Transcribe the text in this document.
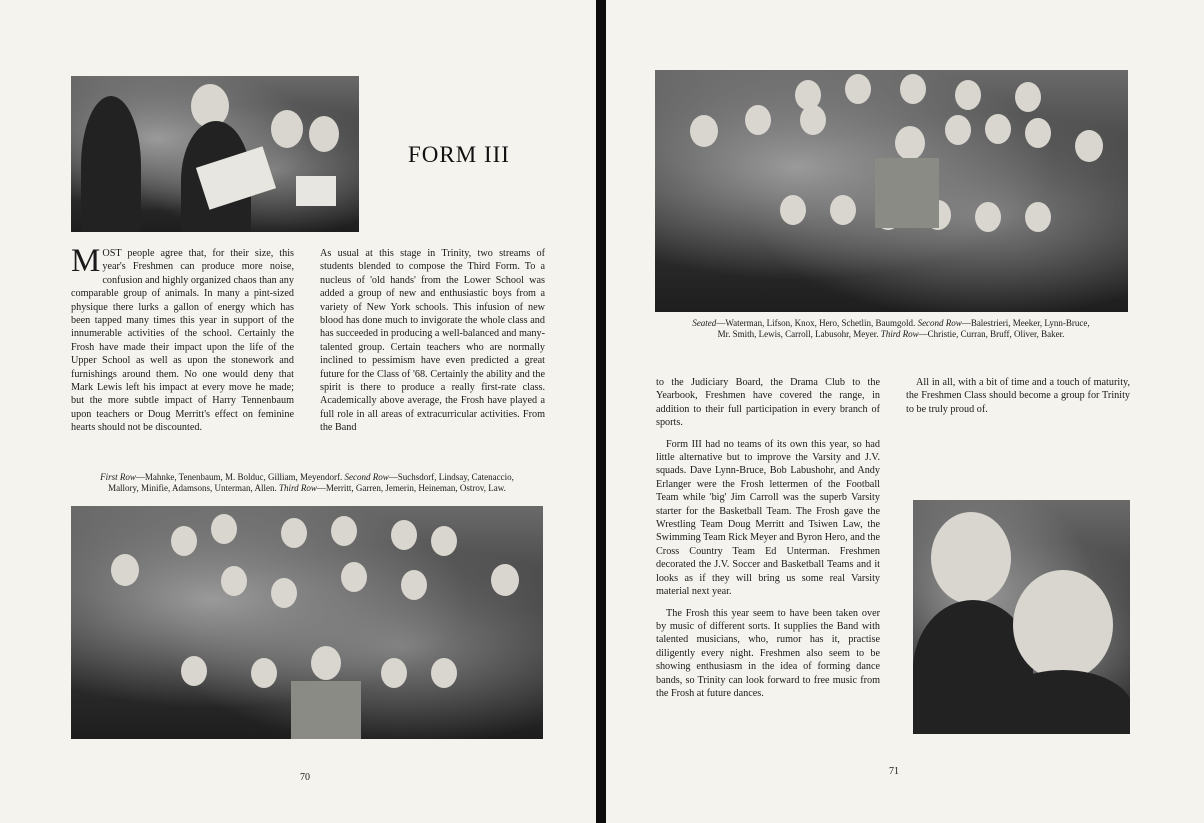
FORM III

MOST people agree that, for their size, this year's Freshmen can produce more noise, confusion and highly organized chaos than any comparable group of animals. In many a pint-sized physique there lurks a gallon of energy which has been tapped many times this year in support of the innumerable activities of the school. Certainly the Frosh have made their impact upon the life of the Upper School as well as upon the stonework and furnishings around them. No one would deny that Mark Lewis left his impact at every move he made; but the more subtle impact of Harry Tennenbaum upon teachers or Doug Merritt's effect on feminine hearts should not be discounted.

As usual at this stage in Trinity, two streams of students blended to compose the Third Form. To a nucleus of 'old hands' from the Lower School was added a group of new and enthusiastic boys from a variety of New York schools. This infusion of new blood has done much to invigorate the whole class and has succeeded in producing a well-balanced and many-talented group. Certain teachers who are normally inclined to pessimism have even predicted a great future for the Class of '68. Certainly the ability and the spirit is there to produce a really first-rate class. Academically above average, the Frosh have played a full role in all areas of extracurricular activities. From the Band

First Row—Mahnke, Tenenbaum, M. Bolduc, Gilliam, Meyendorf. Second Row—Suchsdorf, Lindsay, Catenaccio, Mallory, Minifie, Adamsons, Unterman, Allen. Third Row—Merritt, Garren, Jemerin, Heineman, Ostrov, Law.

70

Seated—Waterman, Lifson, Knox, Hero, Schetlin, Baumgold. Second Row—Balestrieri, Meeker, Lynn-Bruce, Mr. Smith, Lewis, Carroll, Labusohr, Meyer. Third Row—Christie, Curran, Bruff, Oliver, Baker.

to the Judiciary Board, the Drama Club to the Yearbook, Freshmen have covered the range, in addition to their full participation in every branch of sports.

Form III had no teams of its own this year, so had little alternative but to improve the Varsity and J.V. squads. Dave Lynn-Bruce, Bob Labushohr, and Andy Erlanger were the Frosh lettermen of the Football Team while 'big' Jim Carroll was the superb Varsity starter for the Basketball Team. The Frosh gave the Wrestling Team Doug Merritt and Tsiwen Law, the Swimming Team Rick Meyer and Byron Hero, and the Cross Country Team Ed Unterman. Freshmen decorated the J.V. Soccer and Basketball Teams and it looks as if they will bring us some real Varsity material next year.

The Frosh this year seem to have been taken over by music of different sorts. It supplies the Band with talented musicians, who, rumor has it, practise diligently every night. Freshmen also seem to be showing enthusiasm in the idea of forming dance bands, so Trinity can look forward to free music from the Frosh at future dances.

All in all, with a bit of time and a touch of maturity, the Freshmen Class should become a group for Trinity to be truly proud of.

71
